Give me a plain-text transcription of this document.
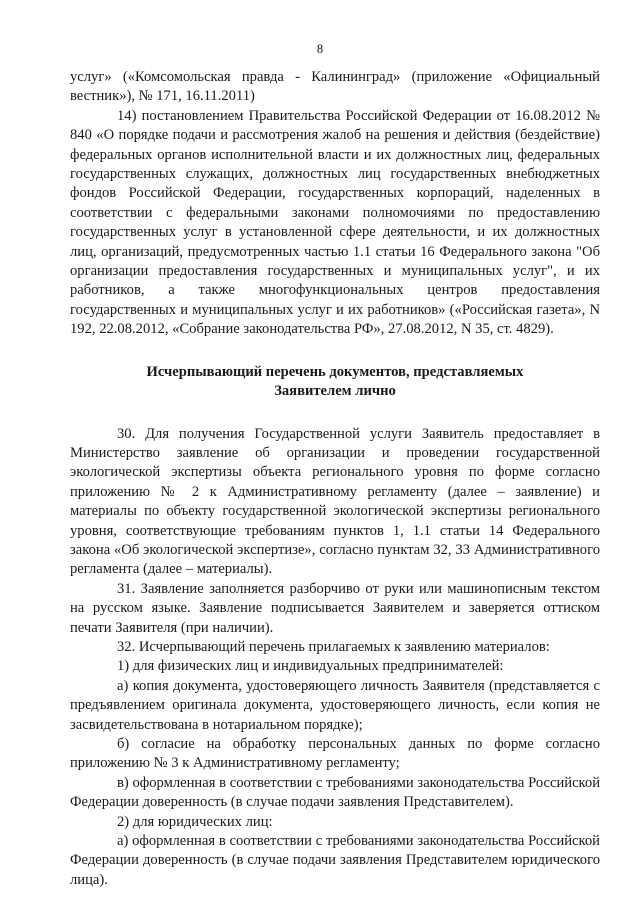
8

услуг» («Комсомольская правда - Калининград» (приложение «Официальный вестник»), № 171, 16.11.2011)

14) постановлением Правительства Российской Федерации от 16.08.2012 № 840 «О порядке подачи и рассмотрения жалоб на решения и действия (бездействие) федеральных органов исполнительной власти и их должностных лиц, федеральных государственных служащих, должностных лиц государственных внебюджетных фондов Российской Федерации, государственных корпораций, наделенных в соответствии с федеральными законами полномочиями по предоставлению государственных услуг в установленной сфере деятельности, и их должностных лиц, организаций, предусмотренных частью 1.1 статьи 16 Федерального закона "Об организации предоставления государственных и муниципальных услуг", и их работников, а также многофункциональных центров предоставления государственных и муниципальных услуг и их работников» («Российская газета», N 192, 22.08.2012, «Собрание законодательства РФ», 27.08.2012, N 35, ст. 4829).

Исчерпывающий перечень документов, представляемых

Заявителем лично

30. Для получения Государственной услуги Заявитель предоставляет в Министерство заявление об организации и проведении государственной экологической экспертизы объекта регионального уровня по форме согласно приложению № 2 к Административному регламенту (далее – заявление) и материалы по объекту государственной экологической экспертизы регионального уровня, соответствующие требованиям пунктов 1, 1.1 статьи 14 Федерального закона «Об экологической экспертизе», согласно пунктам 32, 33 Административного регламента (далее – материалы).

31. Заявление заполняется разборчиво от руки или машинописным текстом на русском языке. Заявление подписывается Заявителем и заверяется оттиском печати Заявителя (при наличии).

32. Исчерпывающий перечень прилагаемых к заявлению материалов:

1) для физических лиц и индивидуальных предпринимателей:

а) копия документа, удостоверяющего личность Заявителя (представляется с предъявлением оригинала документа, удостоверяющего личность, если копия не засвидетельствована в нотариальном порядке);

б) согласие на обработку персональных данных по форме согласно приложению № 3 к Административному регламенту;

в) оформленная в соответствии с требованиями законодательства Российской Федерации доверенность (в случае подачи заявления Представителем).

2) для юридических лиц:

а) оформленная в соответствии с требованиями законодательства Российской Федерации доверенность (в случае подачи заявления Представителем юридического лица).
